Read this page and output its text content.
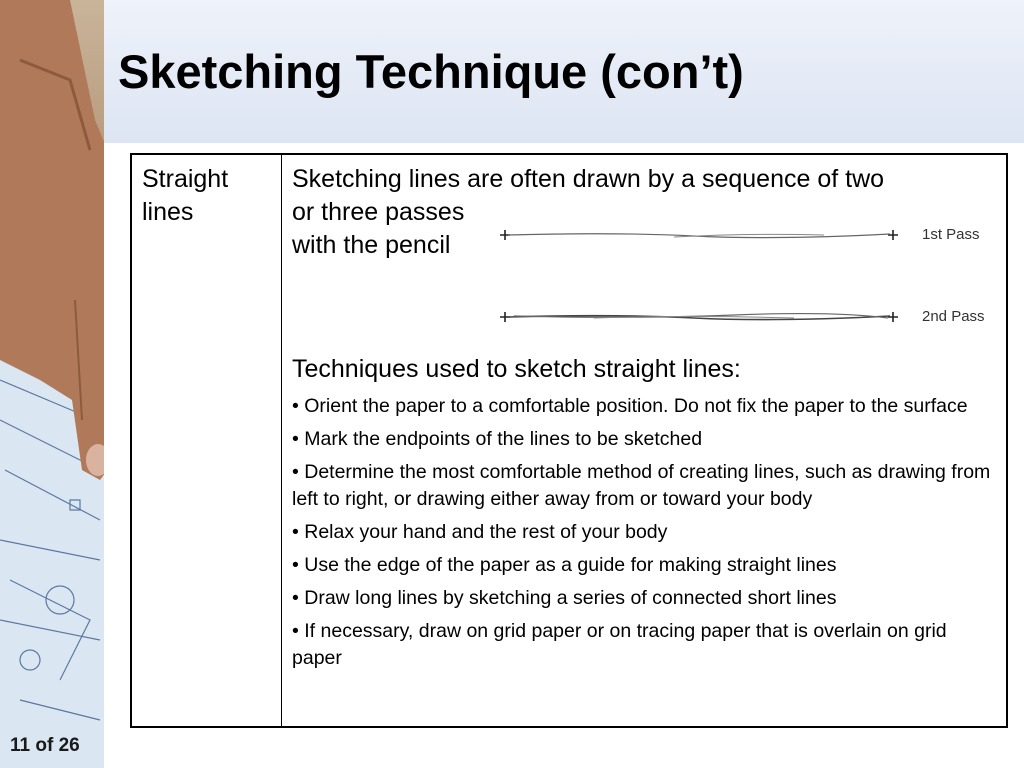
Sketching Technique (con’t)
Straight lines
Sketching lines are often drawn by a sequence of two
or three passes
with the pencil	1st Pass
2nd Pass
Techniques used to sketch straight lines:
• Orient the paper to a comfortable position. Do not fix the paper to the surface
• Mark the endpoints of the lines to be sketched
• Determine the most comfortable method of creating lines, such as drawing from left to right, or drawing either away from or toward your body
• Relax your hand and the rest of your body
• Use the edge of the paper as a guide for making straight lines
• Draw long lines by sketching a series of connected short lines
• If necessary, draw on grid paper or on tracing paper that is overlain on grid paper
11 of 26
